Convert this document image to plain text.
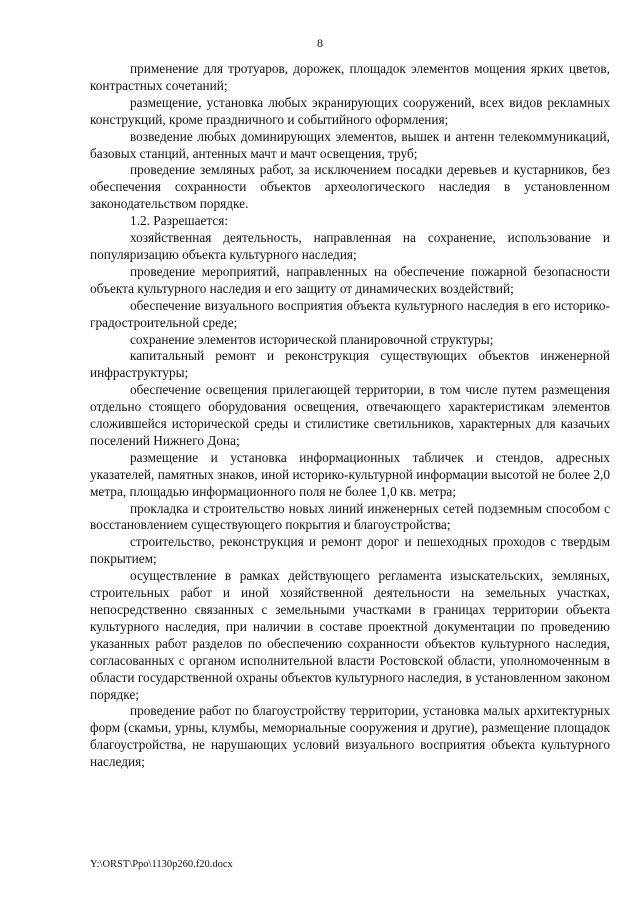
8

применение для тротуаров, дорожек, площадок элементов мощения ярких цветов, контрастных сочетаний;

размещение, установка любых экранирующих сооружений, всех видов рекламных конструкций, кроме праздничного и событийного оформления;

возведение любых доминирующих элементов, вышек и антенн телекоммуникаций, базовых станций, антенных мачт и мачт освещения, труб;

проведение земляных работ, за исключением посадки деревьев и кустарников, без обеспечения сохранности объектов археологического наследия в установленном законодательством порядке.

1.2. Разрешается:

хозяйственная деятельность, направленная на сохранение, использование и популяризацию объекта культурного наследия;

проведение мероприятий, направленных на обеспечение пожарной безопасности объекта культурного наследия и его защиту от динамических воздействий;

обеспечение визуального восприятия объекта культурного наследия в его историко-градостроительной среде;

сохранение элементов исторической планировочной структуры;

капитальный ремонт и реконструкция существующих объектов инженерной инфраструктуры;

обеспечение освещения прилегающей территории, в том числе путем размещения отдельно стоящего оборудования освещения, отвечающего характеристикам элементов сложившейся исторической среды и стилистике светильников, характерных для казачьих поселений Нижнего Дона;

размещение и установка информационных табличек и стендов, адресных указателей, памятных знаков, иной историко-культурной информации высотой не более 2,0 метра, площадью информационного поля не более 1,0 кв. метра;

прокладка и строительство новых линий инженерных сетей подземным способом с восстановлением существующего покрытия и благоустройства;

строительство, реконструкция и ремонт дорог и пешеходных проходов с твердым покрытием;

осуществление в рамках действующего регламента изыскательских, земляных, строительных работ и иной хозяйственной деятельности на земельных участках, непосредственно связанных с земельными участками в границах территории объекта культурного наследия, при наличии в составе проектной документации по проведению указанных работ разделов по обеспечению сохранности объектов культурного наследия, согласованных с органом исполнительной власти Ростовской области, уполномоченным в области государственной охраны объектов культурного наследия, в установленном законом порядке;

проведение работ по благоустройству территории, установка малых архитектурных форм (скамьи, урны, клумбы, мемориальные сооружения и другие), размещение площадок благоустройства, не нарушающих условий визуального восприятия объекта культурного наследия;

Y:\ORST\Ppo\1130p260.f20.docx
